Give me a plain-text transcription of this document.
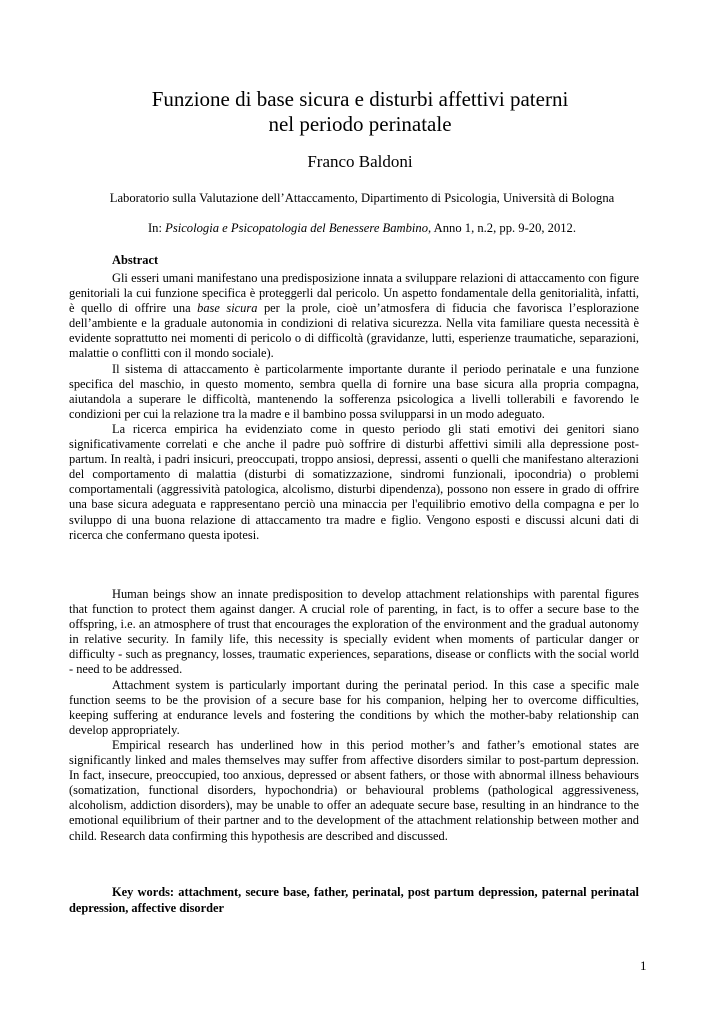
Funzione di base sicura e disturbi affettivi paterni
nel periodo perinatale
Franco Baldoni
Laboratorio sulla Valutazione dell’Attaccamento, Dipartimento di Psicologia, Università di Bologna
In: Psicologia e Psicopatologia del Benessere Bambino, Anno 1, n.2, pp. 9-20, 2012.
Abstract

Gli esseri umani manifestano una predisposizione innata a sviluppare relazioni di attaccamento con figure genitoriali la cui funzione specifica è proteggerli dal pericolo. Un aspetto fondamentale della genitorialità, infatti, è quello di offrire una base sicura per la prole, cioè un’atmosfera di fiducia che favorisca l’esplorazione dell’ambiente e la graduale autonomia in condizioni di relativa sicurezza. Nella vita familiare questa necessità è evidente soprattutto nei momenti di pericolo o di difficoltà (gravidanze, lutti, esperienze traumatiche, separazioni, malattie o conflitti con il mondo sociale).

Il sistema di attaccamento è particolarmente importante durante il periodo perinatale e una funzione specifica del maschio, in questo momento, sembra quella di fornire una base sicura alla propria compagna, aiutandola a superare le difficoltà, mantenendo la sofferenza psicologica a livelli tollerabili e favorendo le condizioni per cui la relazione tra la madre e il bambino possa svilupparsi in un modo adeguato.

La ricerca empirica ha evidenziato come in questo periodo gli stati emotivi dei genitori siano significativamente correlati e che anche il padre può soffrire di disturbi affettivi simili alla depressione post-partum. In realtà, i padri insicuri, preoccupati, troppo ansiosi, depressi, assenti o quelli che manifestano alterazioni del comportamento di malattia (disturbi di somatizzazione, sindromi funzionali, ipocondria) o problemi comportamentali (aggressività patologica, alcolismo, disturbi dipendenza), possono non essere in grado di offrire una base sicura adeguata e rappresentano perciò una minaccia per l'equilibrio emotivo della compagna e per lo sviluppo di una buona relazione di attaccamento tra madre e figlio. Vengono esposti e discussi alcuni dati di ricerca che confermano questa ipotesi.

Human beings show an innate predisposition to develop attachment relationships with parental figures that function to protect them against danger. A crucial role of parenting, in fact, is to offer a secure base to the offspring, i.e. an atmosphere of trust that encourages the exploration of the environment and the gradual autonomy in relative security. In family life, this necessity is specially evident when moments of particular danger or difficulty - such as pregnancy, losses, traumatic experiences, separations, disease or conflicts with the social world - need to be addressed.

Attachment system is particularly important during the perinatal period. In this case a specific male function seems to be the provision of a secure base for his companion, helping her to overcome difficulties, keeping suffering at endurance levels and fostering the conditions by which the mother-baby relationship can develop appropriately.

Empirical research has underlined how in this period mother’s and father’s emotional states are significantly linked and males themselves may suffer from affective disorders similar to post-partum depression. In fact, insecure, preoccupied, too anxious, depressed or absent fathers, or those with abnormal illness behaviours (somatization, functional disorders, hypochondria) or behavioural problems (pathological aggressiveness, alcoholism, addiction disorders), may be unable to offer an adequate secure base, resulting in an hindrance to the emotional equilibrium of their partner and to the development of the attachment relationship between mother and child. Research data confirming this hypothesis are described and discussed.

Key words: attachment, secure base, father, perinatal, post partum depression, paternal perinatal depression, affective disorder
1
